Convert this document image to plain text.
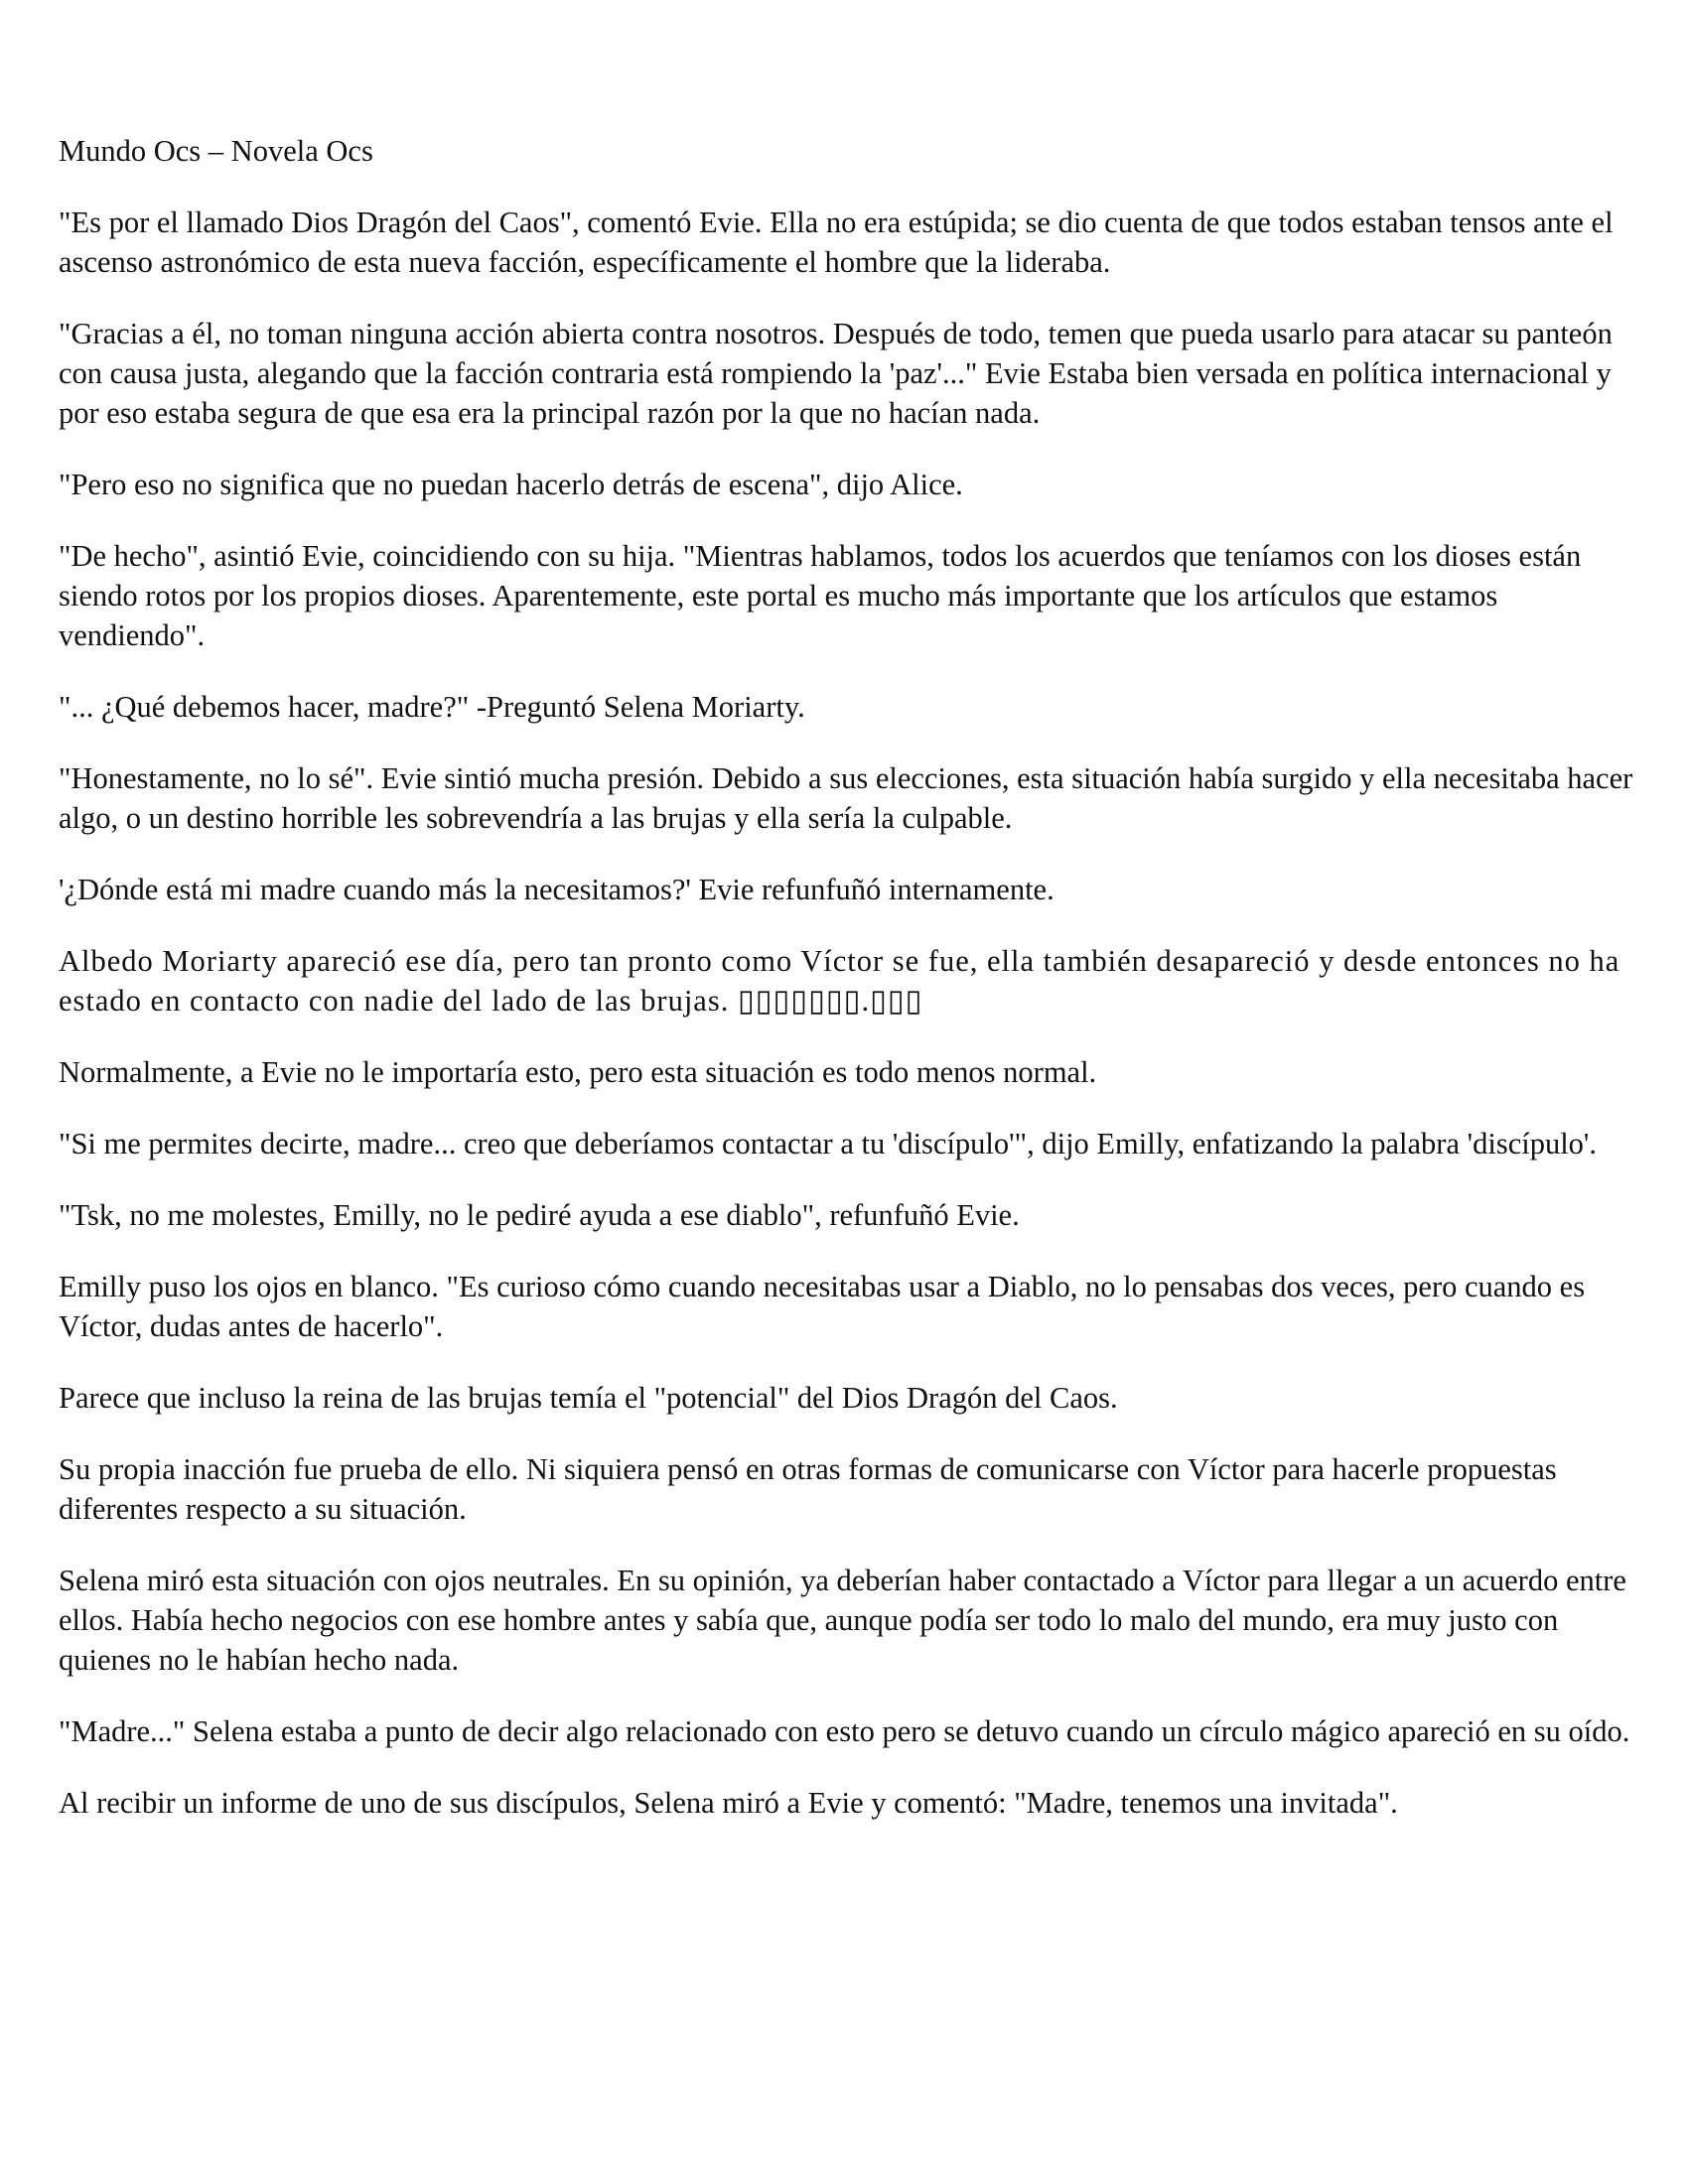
Mundo Ocs – Novela Ocs

"Es por el llamado Dios Dragón del Caos", comentó Evie. Ella no era estúpida; se dio cuenta de que todos estaban tensos ante el ascenso astronómico de esta nueva facción, específicamente el hombre que la lideraba.

"Gracias a él, no toman ninguna acción abierta contra nosotros. Después de todo, temen que pueda usarlo para atacar su panteón con causa justa, alegando que la facción contraria está rompiendo la 'paz'..." Evie Estaba bien versada en política internacional y por eso estaba segura de que esa era la principal razón por la que no hacían nada.

"Pero eso no significa que no puedan hacerlo detrás de escena", dijo Alice.

"De hecho", asintió Evie, coincidiendo con su hija. "Mientras hablamos, todos los acuerdos que teníamos con los dioses están siendo rotos por los propios dioses. Aparentemente, este portal es mucho más importante que los artículos que estamos vendiendo".

"... ¿Qué debemos hacer, madre?" -Preguntó Selena Moriarty.

"Honestamente, no lo sé". Evie sintió mucha presión. Debido a sus elecciones, esta situación había surgido y ella necesitaba hacer algo, o un destino horrible les sobrevendría a las brujas y ella sería la culpable.

'¿Dónde está mi madre cuando más la necesitamos?' Evie refunfuñó internamente.

Albedo Moriarty apareció ese día, pero tan pronto como Víctor se fue, ella también desapareció y desde entonces no ha estado en contacto con nadie del lado de las brujas. ▯▯▯▯▯▯▯.▯▯▯

Normalmente, a Evie no le importaría esto, pero esta situación es todo menos normal.

"Si me permites decirte, madre... creo que deberíamos contactar a tu 'discípulo'", dijo Emilly, enfatizando la palabra 'discípulo'.

"Tsk, no me molestes, Emilly, no le pediré ayuda a ese diablo", refunfuñó Evie.

Emilly puso los ojos en blanco. "Es curioso cómo cuando necesitabas usar a Diablo, no lo pensabas dos veces, pero cuando es Víctor, dudas antes de hacerlo".

Parece que incluso la reina de las brujas temía el "potencial" del Dios Dragón del Caos.

Su propia inacción fue prueba de ello. Ni siquiera pensó en otras formas de comunicarse con Víctor para hacerle propuestas diferentes respecto a su situación.

Selena miró esta situación con ojos neutrales. En su opinión, ya deberían haber contactado a Víctor para llegar a un acuerdo entre ellos. Había hecho negocios con ese hombre antes y sabía que, aunque podía ser todo lo malo del mundo, era muy justo con quienes no le habían hecho nada.

"Madre..." Selena estaba a punto de decir algo relacionado con esto pero se detuvo cuando un círculo mágico apareció en su oído.

Al recibir un informe de uno de sus discípulos, Selena miró a Evie y comentó: "Madre, tenemos una invitada".
